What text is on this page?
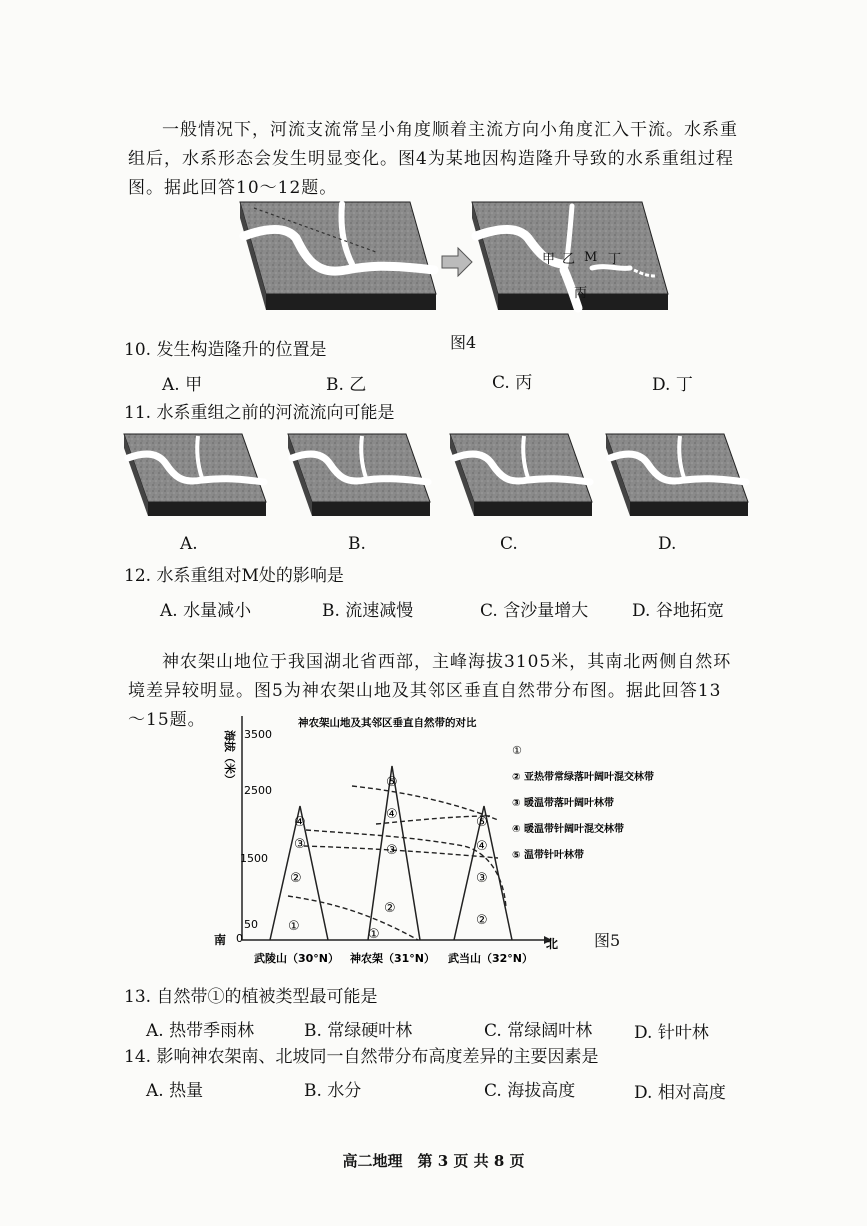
一般情况下，河流支流常呈小角度顺着主流方向小角度汇入干流。水系重组后，水系形态会发生明显变化。图4为某地因构造隆升导致的水系重组过程图。据此回答10～12题。
甲 乙 M 丁
丙
图4
10. 发生构造隆升的位置是
A. 甲	B. 乙	C. 丙	D. 丁
11. 水系重组之前的河流流向可能是
A.	B.	C.	D.
12. 水系重组对M处的影响是
A. 水量减小	B. 流速减慢	C. 含沙量增大	D. 谷地拓宽
神农架山地位于我国湖北省西部，主峰海拔3105米，其南北两侧自然环境差异较明显。图5为神农架山地及其邻区垂直自然带分布图。据此回答13～15题。
①
①
②
②
②
③	③
③
④
④
④
⑤
⑤
3500
2500
1500
50
0
南	北
海拔（米）
神农架山地及其邻区垂直自然带的对比
①
② 亚热带常绿落叶阔叶混交林带
③ 暖温带落叶阔叶林带
④ 暖温带针阔叶混交林带
⑤ 温带针叶林带
武陵山（30°N） 神农架（31°N） 武当山（32°N）
图5
13. 自然带①的植被类型最可能是
A. 热带季雨林	B. 常绿硬叶林	C. 常绿阔叶林 D. 针叶林
14. 影响神农架南、北坡同一自然带分布高度差异的主要因素是
A. 热量	B. 水分	C. 海拔高度	D. 相对高度
高二地理　第 3 页 共 8 页
